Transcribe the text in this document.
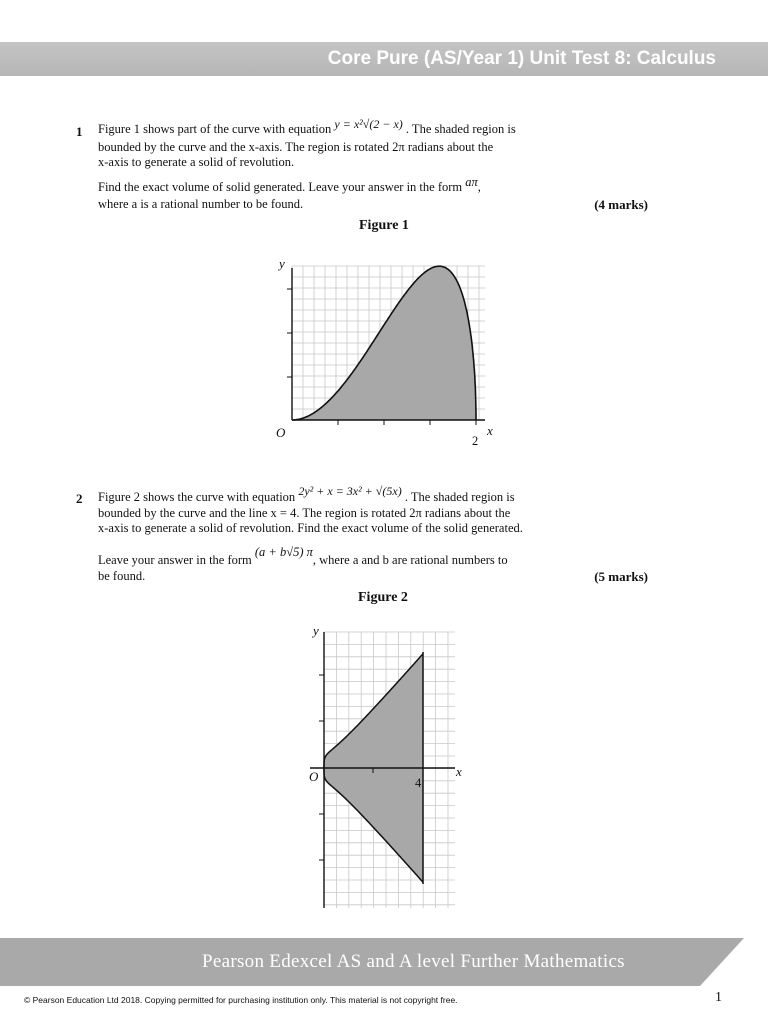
Core Pure (AS/Year 1) Unit Test 8: Calculus
1 Figure 1 shows part of the curve with equation y = x²√(2 − x) . The shaded region is
bounded by the curve and the x-axis. The region is rotated 2π radians about the
x-axis to generate a solid of revolution.
Find the exact volume of solid generated. Leave your answer in the form aπ,
where a is a rational number to be found.	(4 marks)
Figure 1
y
x
O
2
2 Figure 2 shows the curve with equation 2y² + x = 3x² + √(5x) . The shaded region is
bounded by the curve and the line x = 4. The region is rotated 2π radians about the
x-axis to generate a solid of revolution. Find the exact volume of the solid generated.
Leave your answer in the form (a + b√5) π, where a and b are rational numbers to
be found.	(5 marks)
Figure 2
y
x
O	4
Pearson Edexcel AS and A level Further Mathematics
© Pearson Education Ltd 2018. Copying permitted for purchasing institution only. This material is not copyright free.	1
